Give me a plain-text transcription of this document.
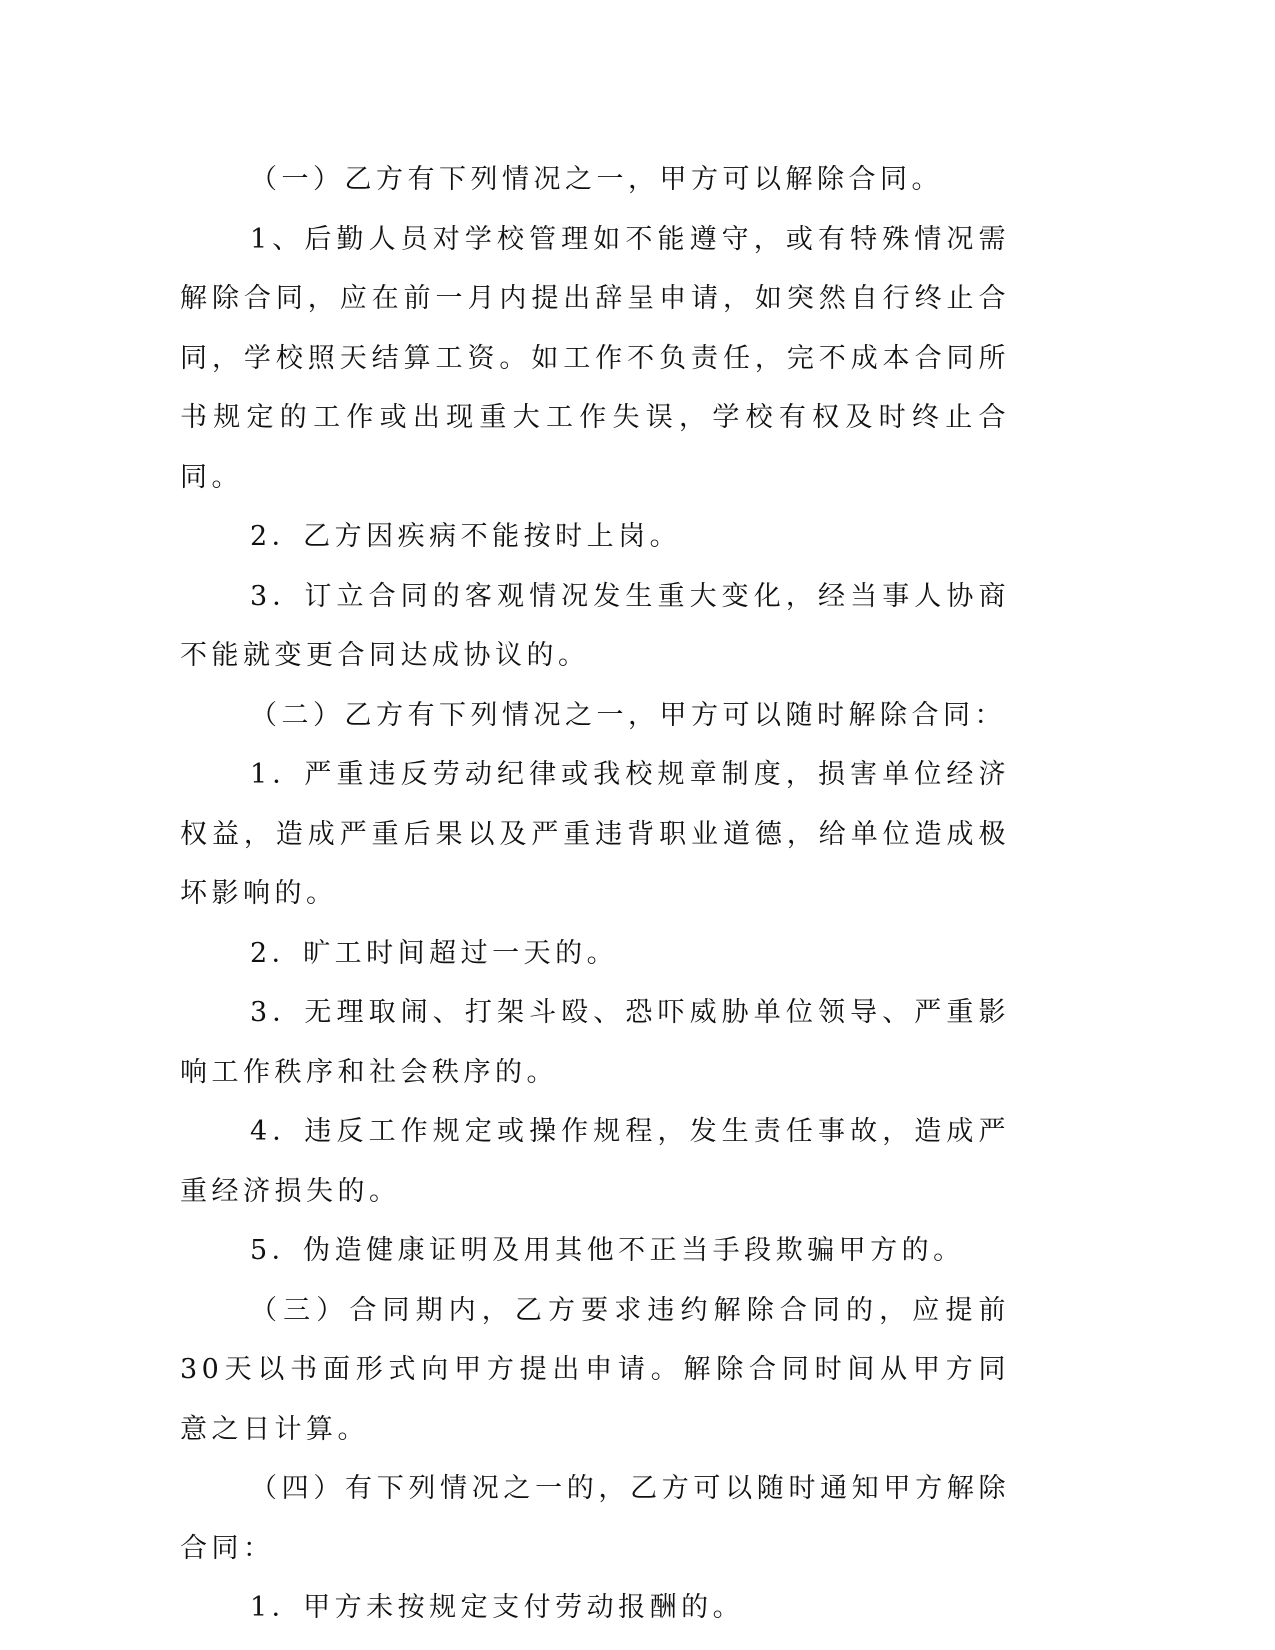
（一）乙方有下列情况之一，甲方可以解除合同。

1、后勤人员对学校管理如不能遵守，或有特殊情况需解除合同，应在前一月内提出辞呈申请，如突然自行终止合同，学校照天结算工资。如工作不负责任，完不成本合同所书规定的工作或出现重大工作失误，学校有权及时终止合同。

2．乙方因疾病不能按时上岗。

3．订立合同的客观情况发生重大变化，经当事人协商不能就变更合同达成协议的。

（二）乙方有下列情况之一，甲方可以随时解除合同：

1．严重违反劳动纪律或我校规章制度，损害单位经济权益，造成严重后果以及严重违背职业道德，给单位造成极坏影响的。

2．旷工时间超过一天的。

3．无理取闹、打架斗殴、恐吓威胁单位领导、严重影响工作秩序和社会秩序的。

4．违反工作规定或操作规程，发生责任事故，造成严重经济损失的。

5．伪造健康证明及用其他不正当手段欺骗甲方的。

（三）合同期内，乙方要求违约解除合同的，应提前30天以书面形式向甲方提出申请。解除合同时间从甲方同意之日计算。

（四）有下列情况之一的，乙方可以随时通知甲方解除合同：

1．甲方未按规定支付劳动报酬的。
